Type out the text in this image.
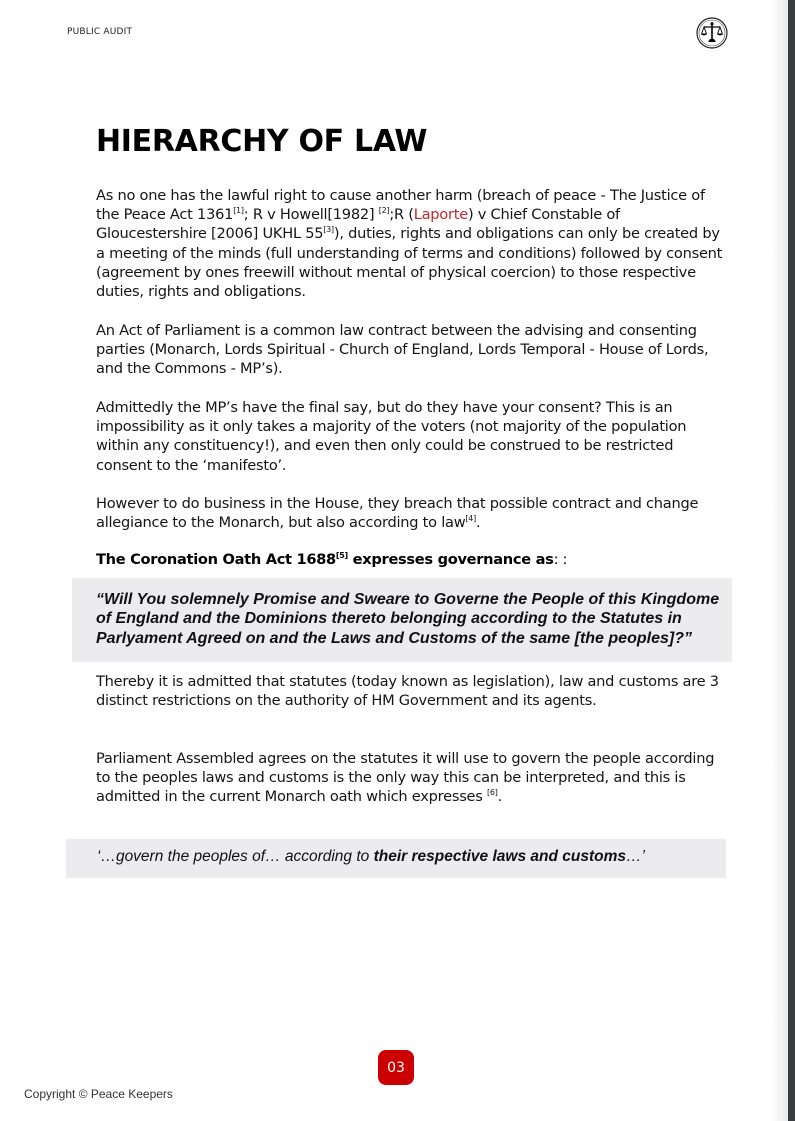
PUBLIC AUDIT
HIERARCHY OF LAW

As no one has the lawful right to cause another harm (breach of peace - The Justice of the Peace Act 1361[1]; R v Howell[1982] [2];R (Laporte) v Chief Constable of Gloucestershire [2006] UKHL 55[3]), duties, rights and obligations can only be created by a meeting of the minds (full understanding of terms and conditions) followed by consent (agreement by ones freewill without mental of physical coercion) to those respective duties, rights and obligations.

An Act of Parliament is a common law contract between the advising and consenting parties (Monarch, Lords Spiritual - Church of England, Lords Temporal - House of Lords, and the Commons - MP’s).

Admittedly the MP’s have the final say, but do they have your consent? This is an impossibility as it only takes a majority of the voters (not majority of the population within any constituency!), and even then only could be construed to be restricted consent to the ‘manifesto’.

However to do business in the House, they breach that possible contract and change allegiance to the Monarch, but also according to law[4].

The Coronation Oath Act 1688[5] expresses governance as: :

“Will You solemnely Promise and Sweare to Governe the People of this Kingdome of England and the Dominions thereto belonging according to the Statutes in Parlyament Agreed on and the Laws and Customs of the same [the peoples]?”

Thereby it is admitted that statutes (today known as legislation), law and customs are 3 distinct restrictions on the authority of HM Government and its agents.

Parliament Assembled agrees on the statutes it will use to govern the people according to the peoples laws and customs is the only way this can be interpreted, and this is admitted in the current Monarch oath which expresses [6].

‘…govern the peoples of… according to their respective laws and customs…’

03
Copyright © Peace Keepers
